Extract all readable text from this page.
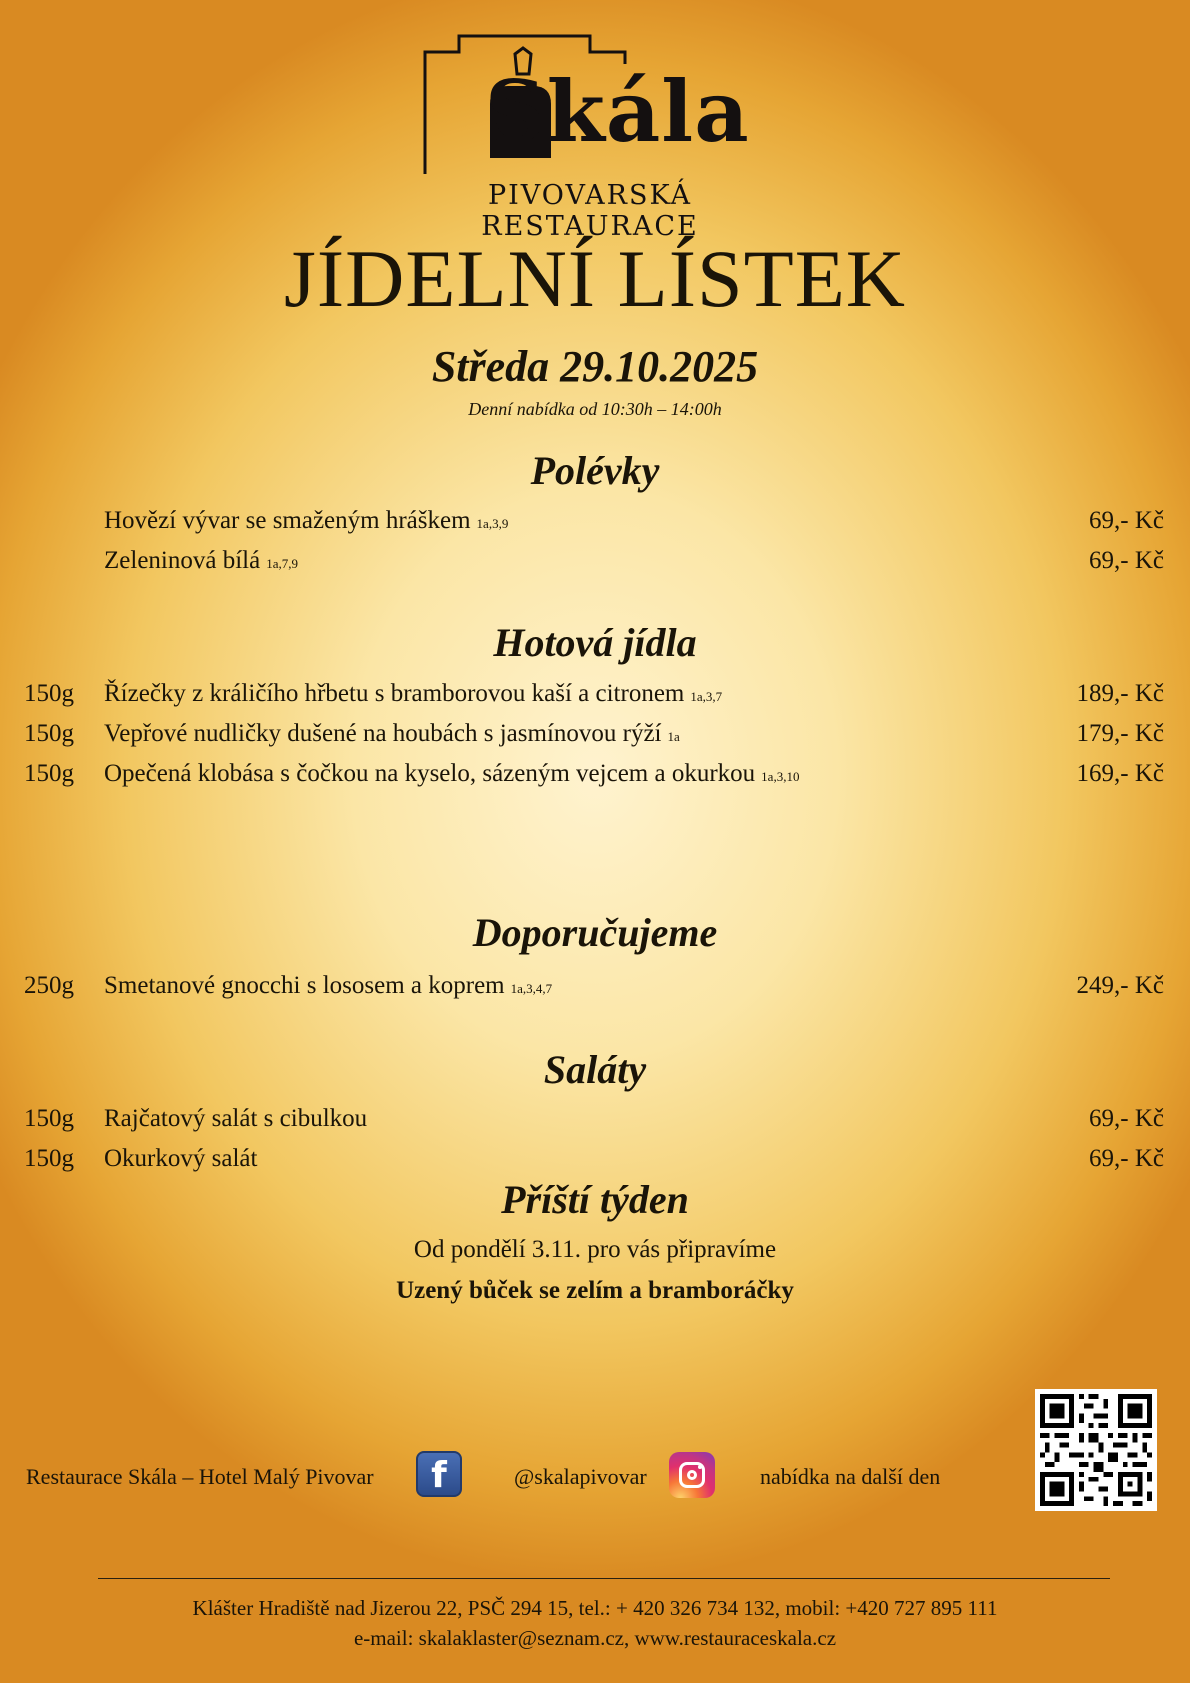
Skála
PIVOVARSKÁ RESTAURACE
JÍDELNÍ LÍSTEK
Středa 29.10.2025
Denní nabídka od 10:30h – 14:00h
Polévky
Hovězí vývar se smaženým hráškem 1a,3,9	69,- Kč
Zeleninová bílá 1a,7,9	69,- Kč
Hotová jídla
150g	Řízečky z králičího hřbetu s bramborovou kaší a citronem 1a,3,7	189,- Kč
150g	Vepřové nudličky dušené na houbách s jasmínovou rýží 1a	179,- Kč
150g	Opečená klobása s čočkou na kyselo, sázeným vejcem a okurkou 1a,3,10	169,- Kč
Doporučujeme
250g	Smetanové gnocchi s lososem a koprem 1a,3,4,7	249,- Kč
Saláty
150g	Rajčatový salát s cibulkou	69,- Kč
150g	Okurkový salát	69,- Kč
Příští týden
Od pondělí 3.11. pro vás připravíme
Uzený bůček se zelím a bramboráčky
Restaurace Skála – Hotel Malý Pivovar	f	@skalapivovar	nabídka na další den
Klášter Hradiště nad Jizerou 22, PSČ 294 15, tel.: + 420 326 734 132, mobil: +420 727 895 111
e-mail: skalaklaster@seznam.cz, www.restauraceskala.cz
